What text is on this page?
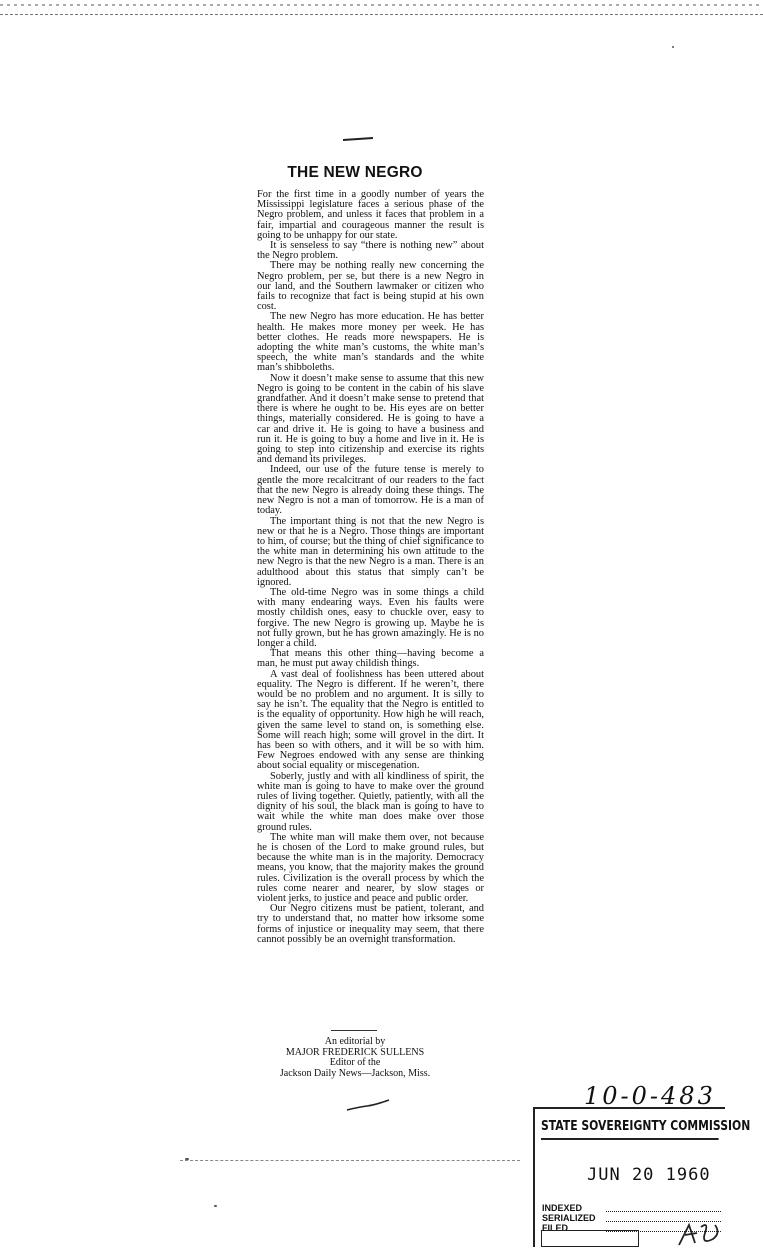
THE NEW NEGRO

For the first time in a goodly number of years the Mississippi legislature faces a serious phase of the Negro problem, and unless it faces that problem in a fair, impartial and courageous manner the result is going to be unhappy for our state.

It is senseless to say “there is nothing new” about the Negro problem.

There may be nothing really new concerning the Negro problem, per se, but there is a new Negro in our land, and the Southern lawmaker or citizen who fails to recognize that fact is being stupid at his own cost.

The new Negro has more education. He has better health. He makes more money per week. He has better clothes. He reads more newspapers. He is adopting the white man’s customs, the white man’s speech, the white man’s standards and the white man’s shibboleths.

Now it doesn’t make sense to assume that this new Negro is going to be content in the cabin of his slave grandfather. And it doesn’t make sense to pretend that there is where he ought to be. His eyes are on better things, materially considered. He is going to have a car and drive it. He is going to have a business and run it. He is going to buy a home and live in it. He is going to step into citizenship and exercise its rights and demand its privileges.

Indeed, our use of the future tense is merely to gentle the more recalcitrant of our readers to the fact that the new Negro is already doing these things. The new Negro is not a man of tomorrow. He is a man of today.

The important thing is not that the new Negro is new or that he is a Negro. Those things are important to him, of course; but the thing of chief significance to the white man in determining his own attitude to the new Negro is that the new Negro is a man. There is an adulthood about this status that simply can’t be ignored.

The old-time Negro was in some things a child with many endearing ways. Even his faults were mostly childish ones, easy to chuckle over, easy to forgive. The new Negro is growing up. Maybe he is not fully grown, but he has grown amazingly. He is no longer a child.

That means this other thing—having become a man, he must put away childish things.

A vast deal of foolishness has been uttered about equality. The Negro is different. If he weren’t, there would be no problem and no argument. It is silly to say he isn’t. The equality that the Negro is entitled to is the equality of opportunity. How high he will reach, given the same level to stand on, is something else. Some will reach high; some will grovel in the dirt. It has been so with others, and it will be so with him. Few Negroes endowed with any sense are thinking about social equality or miscegenation.

Soberly, justly and with all kindliness of spirit, the white man is going to have to make over the ground rules of living together. Quietly, patiently, with all the dignity of his soul, the black man is going to have to wait while the white man does make over those ground rules.

The white man will make them over, not because he is chosen of the Lord to make ground rules, but because the white man is in the majority. Democracy means, you know, that the majority makes the ground rules. Civilization is the overall process by which the rules come nearer and nearer, by slow stages or violent jerks, to justice and peace and public order.

Our Negro citizens must be patient, tolerant, and try to understand that, no matter how irksome some forms of injustice or inequality may seem, that there cannot possibly be an overnight transformation.

An editorial by
MAJOR FREDERICK SULLENS
Editor of the
Jackson Daily News—Jackson, Miss.
10-0-483
STATE SOVEREIGNTY COMMISSION
JUN 20 1960
INDEXED
SERIALIZED
FILED
